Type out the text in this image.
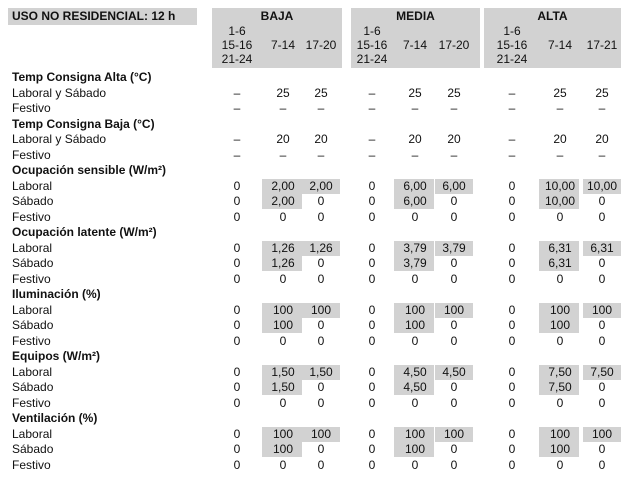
USO NO RESIDENCIAL: 12 h	BAJA
1-6
15-16
21-24
7-14 17-20
MEDIA
1-6
15-16
21-24
7-14 17-20
ALTA
1-6
15-16
21-24
7-14 17-21
Temp Consigna Alta (°C)
Laboral y Sábado	–	25 25	–	25 25	–	25 25
Festivo	–	–	–	–	–	–	–	–	–
Temp Consigna Baja (°C)
Laboral y Sábado	–	20 20	–	20 20	–	20 20
Festivo	–	–	–	–	–	–	–	–	–
Ocupación sensible (W/m²)
Laboral	0	2,00 2,00	0 6,00 6,00	0 10,00 10,00
Sábado	0	2,00 0	0 6,00 0	0 10,00 0
Festivo	0	0	0	0	0	0	0	0	0
Ocupación latente (W/m²)
Laboral	0	1,26 1,26	0 3,79 3,79	0	6,31 6,31
Sábado	0	1,26 0	0 3,79 0	0	6,31 0
Festivo	0	0	0	0	0	0	0	0	0
Iluminación (%)
Laboral	0	100 100	0 100 100	0	100 100
Sábado	0	100 0	0 100 0	0	100 0
Festivo	0	0	0	0	0	0	0	0	0
Equipos (W/m²)
Laboral	0	1,50 1,50	0 4,50 4,50	0	7,50 7,50
Sábado	0	1,50 0	0 4,50 0	0	7,50 0
Festivo	0	0	0	0	0	0	0	0	0
Ventilación (%)
Laboral	0	100 100	0 100 100	0	100 100
Sábado	0	100 0	0 100 0	0	100 0
Festivo	0	0	0	0	0	0	0	0	0
